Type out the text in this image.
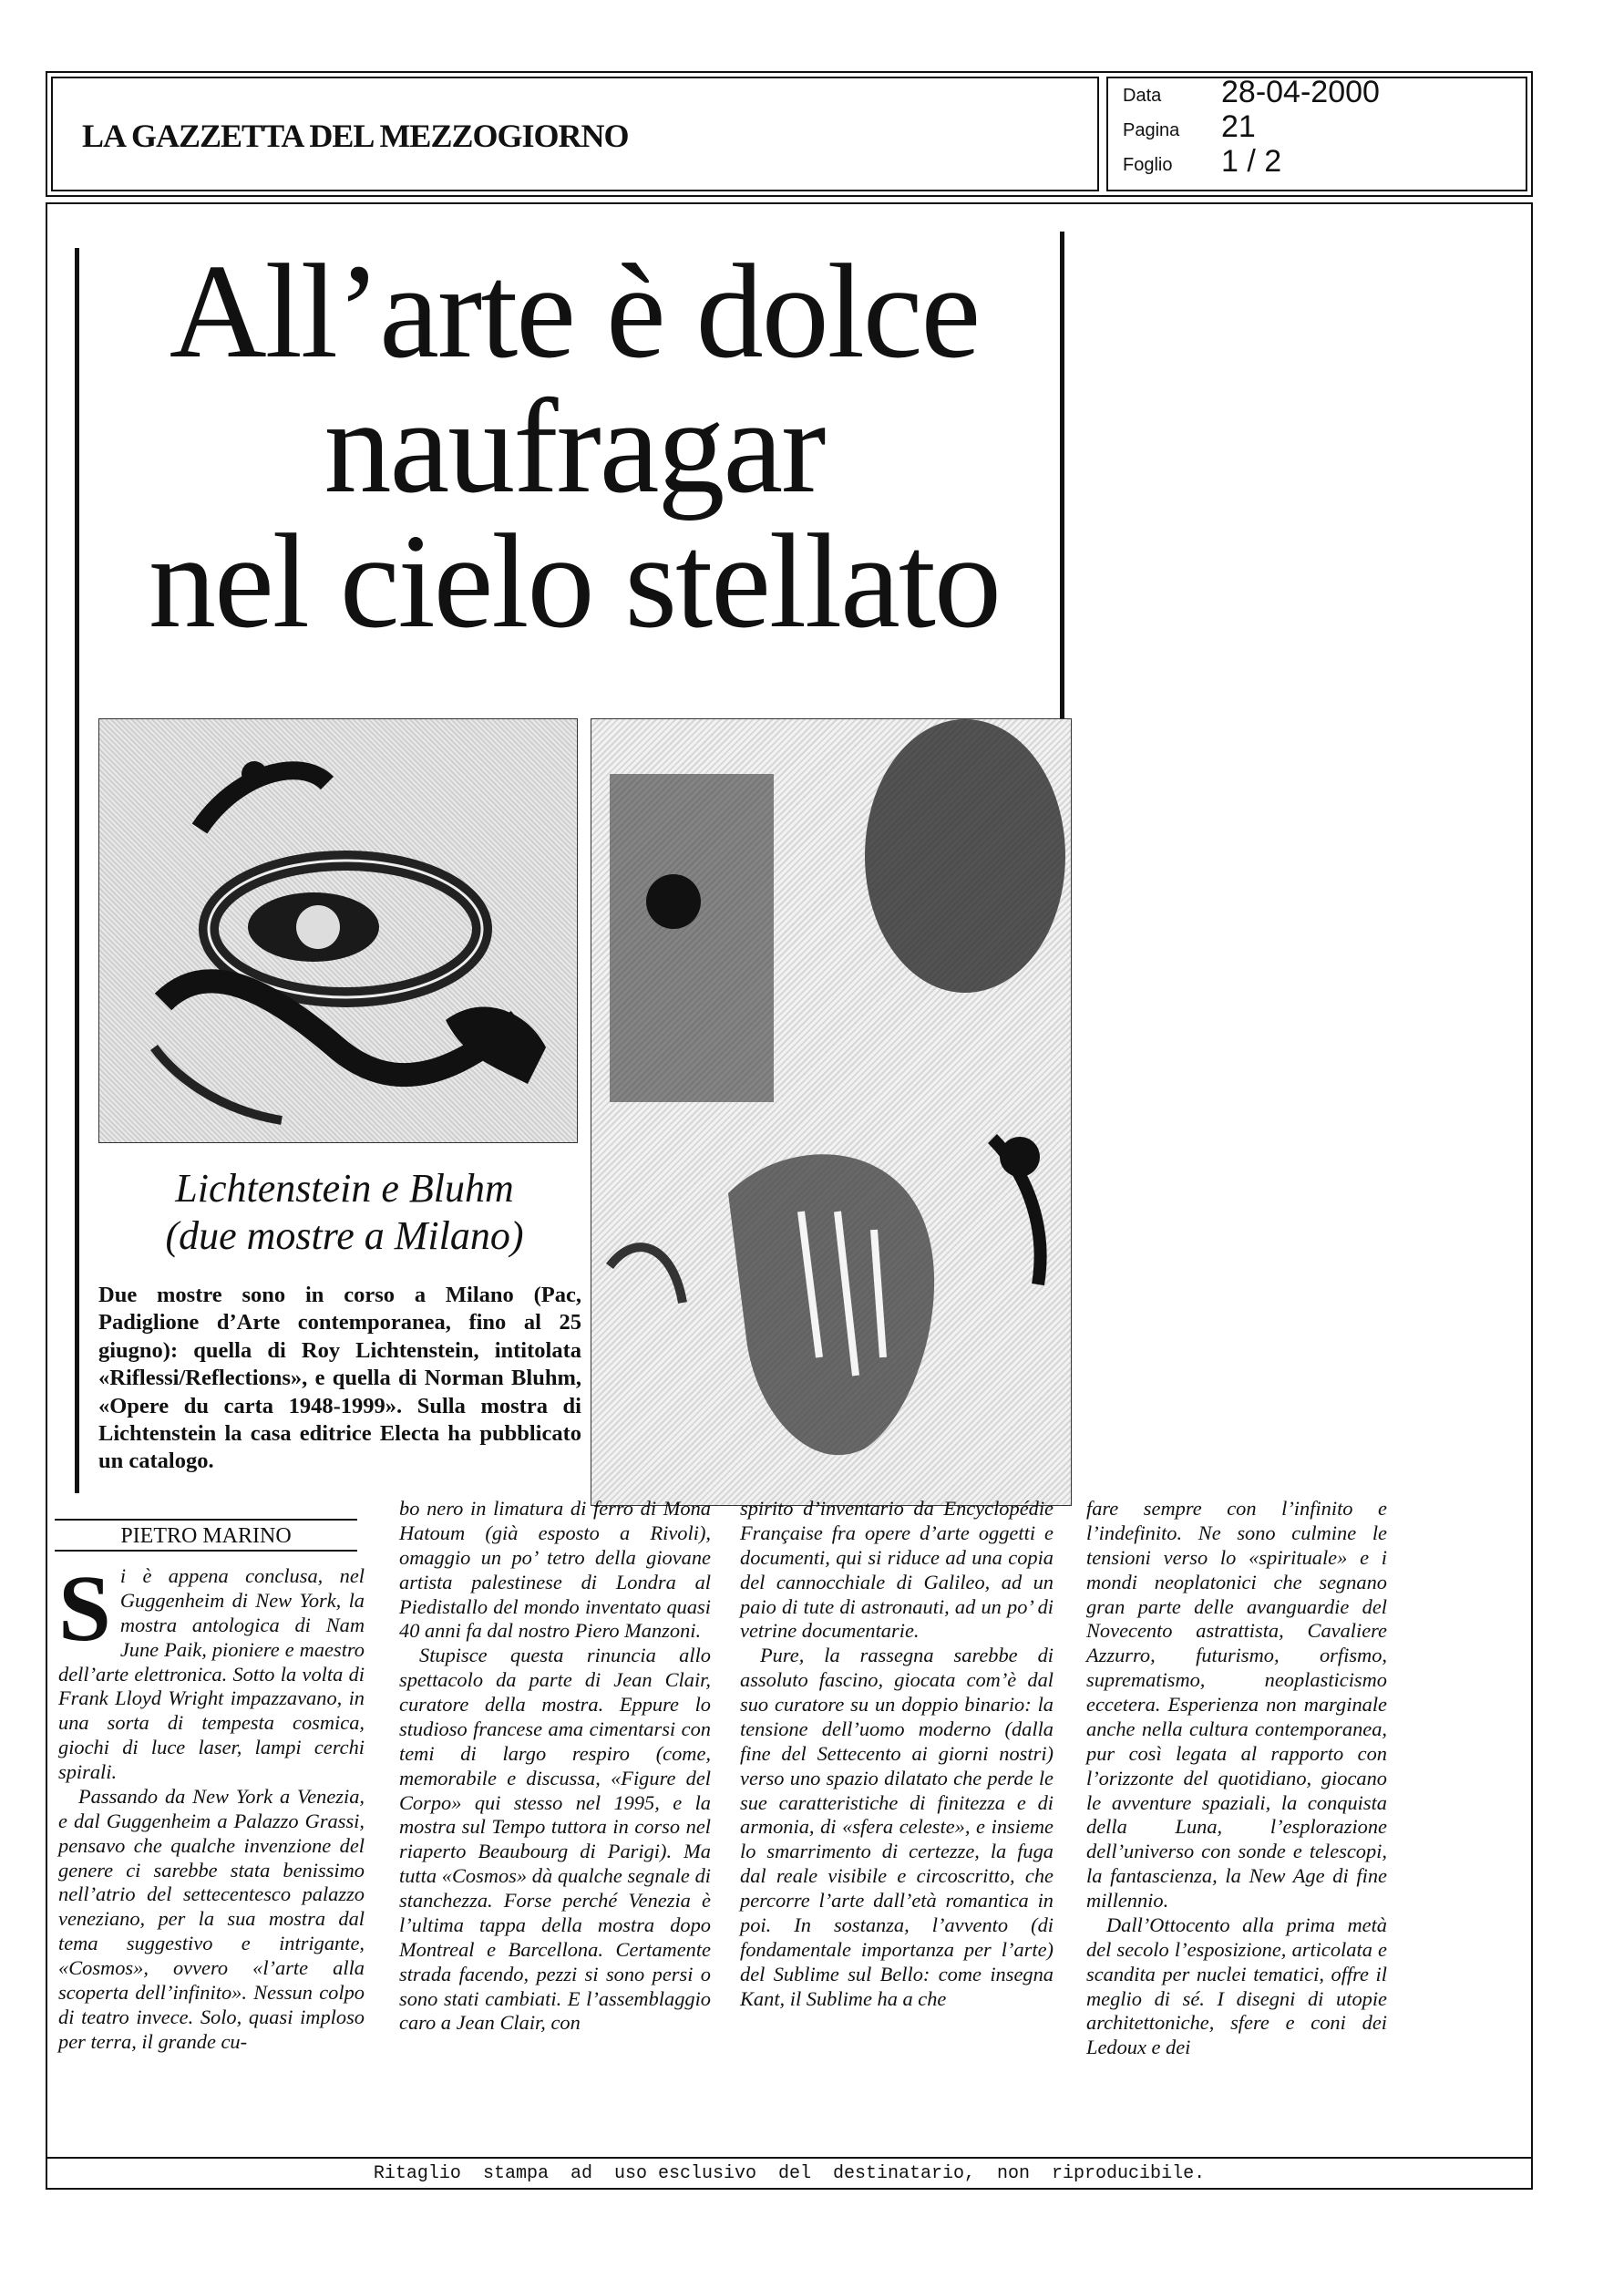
LA GAZZETTA DEL MEZZOGIORNO
Data 28-04-2000
Pagina 21
Foglio 1 / 2
All’arte è dolce
naufragar
nel cielo stellato
Lichtenstein e Bluhm
(due mostre a Milano)
Due mostre sono in corso a Milano (Pac, Padiglione d’Arte contemporanea, fino al 25 giugno): quella di Roy Lichtenstein, intitolata «Riflessi/Reflections», e quella di Norman Bluhm, «Opere du carta 1948-1999». Sulla mostra di Lichtenstein la casa editrice Electa ha pubblicato un catalogo.
PIETRO MARINO

Si è appena conclusa, nel Guggenheim di New York, la mostra antologica di Nam June Paik, pioniere e maestro dell’arte elettronica. Sotto la volta di Frank Lloyd Wright impazzavano, in una sorta di tempesta cosmica, giochi di luce laser, lampi cerchi spirali.

Passando da New York a Venezia, e dal Guggenheim a Palazzo Grassi, pensavo che qualche invenzione del genere ci sarebbe stata benissimo nell’atrio del settecentesco palazzo veneziano, per la sua mostra dal tema suggestivo e intrigante, «Cosmos», ovvero «l’arte alla scoperta dell’infinito». Nessun colpo di teatro invece. Solo, quasi imploso per terra, il grande cu-

bo nero in limatura di ferro di Mona Hatoum (già esposto a Rivoli), omaggio un po’ tetro della giovane artista palestinese di Londra al Piedistallo del mondo inventato quasi 40 anni fa dal nostro Piero Manzoni.

Stupisce questa rinuncia allo spettacolo da parte di Jean Clair, curatore della mostra. Eppure lo studioso francese ama cimentarsi con temi di largo respiro (come, memorabile e discussa, «Figure del Corpo» qui stesso nel 1995, e la mostra sul Tempo tuttora in corso nel riaperto Beaubourg di Parigi). Ma tutta «Cosmos» dà qualche segnale di stanchezza. Forse perché Venezia è l’ultima tappa della mostra dopo Montreal e Barcellona. Certamente strada facendo, pezzi si sono persi o sono stati cambiati. E l’assemblaggio caro a Jean Clair, con

spirito d’inventario da Encyclopédie Française fra opere d’arte oggetti e documenti, qui si riduce ad una copia del cannocchiale di Galileo, ad un paio di tute di astronauti, ad un po’ di vetrine documentarie.

Pure, la rassegna sarebbe di assoluto fascino, giocata com’è dal suo curatore su un doppio binario: la tensione dell’uomo moderno (dalla fine del Settecento ai giorni nostri) verso uno spazio dilatato che perde le sue caratteristiche di finitezza e di armonia, di «sfera celeste», e insieme lo smarrimento di certezze, la fuga dal reale visibile e circoscritto, che percorre l’arte dall’età romantica in poi. In sostanza, l’avvento (di fondamentale importanza per l’arte) del Sublime sul Bello: come insegna Kant, il Sublime ha a che

fare sempre con l’infinito e l’indefinito. Ne sono culmine le tensioni verso lo «spirituale» e i mondi neoplatonici che segnano gran parte delle avanguardie del Novecento astrattista, Cavaliere Azzurro, futurismo, orfismo, suprematismo, neoplasticismo eccetera. Esperienza non marginale anche nella cultura contemporanea, pur così legata al rapporto con l’orizzonte del quotidiano, giocano le avventure spaziali, la conquista della Luna, l’esplorazione dell’universo con sonde e telescopi, la fantascienza, la New Age di fine millennio.

Dall’Ottocento alla prima metà del secolo l’esposizione, articolata e scandita per nuclei tematici, offre il meglio di sé. I disegni di utopie architettoniche, sfere e coni dei Ledoux e dei

Ritaglio  stampa  ad  uso esclusivo  del  destinatario,  non  riproducibile.
